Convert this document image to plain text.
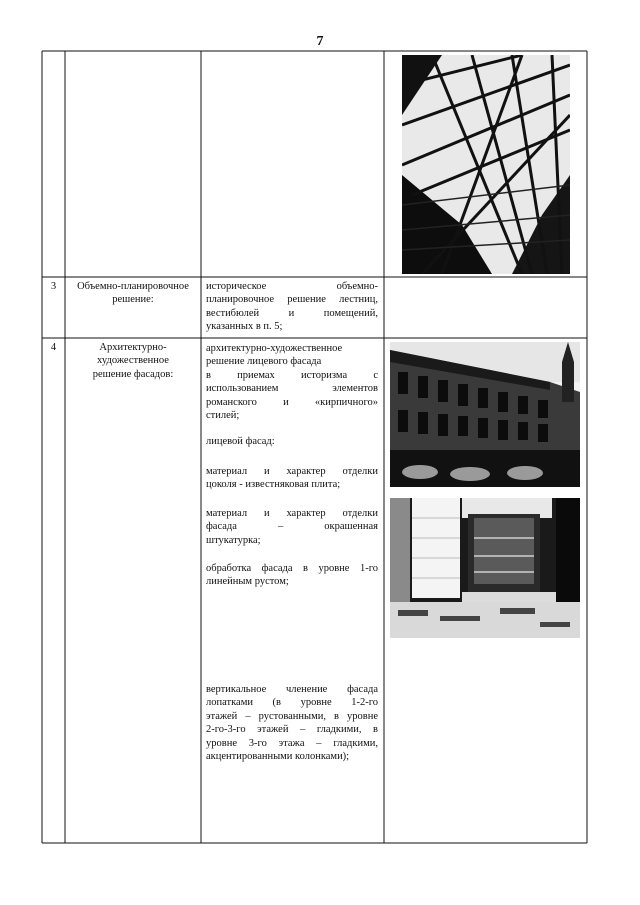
7
3	Объемно-планировочное
решение:
историческое объемно-
планировочное решение лестниц,
вестибюлей и помещений,
указанных в п. 5;
4	Архитектурно-
художественное
решение фасадов:
архитектурно-художественное
решение лицевого фасада
в приемах историзма с
использованием элементов
романского и «кирпичного»
стилей;
лицевой фасад:
материал и характер отделки
цоколя - известняковая плита;
материал и характер отделки
фасада – окрашенная
штукатурка;
обработка фасада в уровне 1-го
линейным рустом;
вертикальное членение фасада
лопатками (в уровне 1-2-го
этажей – рустованными, в уровне
2-го-3-го этажей – гладкими, в
уровне 3-го этажа – гладкими,
акцентированными колонками);
